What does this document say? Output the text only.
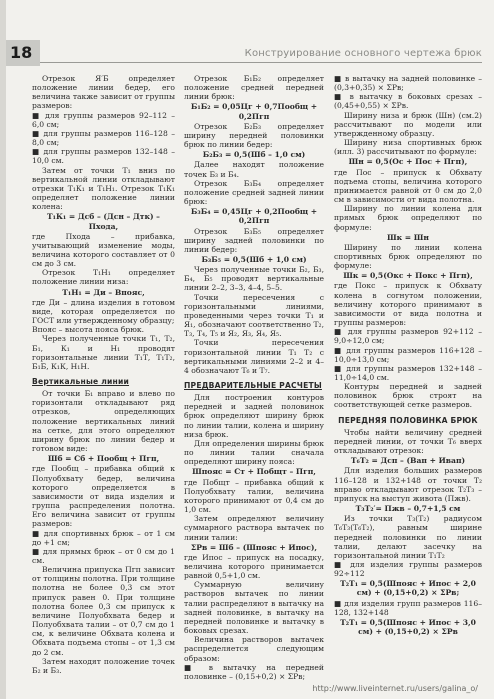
18	Конструирование основного чертежа брюк

Отрезок Я′Б определяет положение линии бедер, его величина также зависит от группы размеров:

■ для группы размеров 92–112 – 6,0 см;

■ для группы размеров 116–128 – 8,0 см;

■ для группы размеров 132–148 – 10,0 см.

Затем от точки Т₁ вниз по вертикальной линии откладывают отрезки Т₁К₁ и Т₁Н₁. Отрезок Т₁К₁ определяет положение линии колена:

Т₁К₁ = Дсб – (Дсн – Дтк) – Пхода,

где Пхода – прибавка, учитывающий изменение моды, величина которого составляет от 0 см до 3 см.

Отрезок Т₁Н₁ определяет положение линии низа:

Т₁Н₁ = Ди – Впояс,

где Ди – длина изделия в готовом виде, которая определяется по ГОСТ или утвержденному образцу;

Впояс – высота пояса брюк.

Через полученные точки Т₁, Т₂, Б₁, К₁ и Н₁ проводят горизонтальные линии Т₁Т, Т₁Т₂, Б₁Б, К₁К, Н₁Н.

Вертикальные линии

От точки Б₁ вправо и влево по горизонтали откладывают ряд отрезков, определяющих положение вертикальных линий на сетке, для этого определяют ширину брюк по линии бедер и готовом виде:

Шб = Сб + Пообщ + Пгп,

где Пообщ – прибавка общий к Полуобхвату бедер, величина которого определяется в зависимости от вида изделия и группа распределения полотна. Его величина зависит от группы размеров:

■ для спортивных брюк – от 1 см до +1 см;

■ для прямых брюк – от 0 см до 1 см.

Величина припуска Пгп зависит от толщины полотна. При толщине полотна не более 0,3 см этот припуск равен 0. При толщине полотна более 0,3 см припуск к величине Полуобхвата бедер и Полуобхвата талии – от 0,7 см до 1 см, к величине Обхвата колена и Обхвата подъема стопы – от 1,3 см до 2 см.

Затем находят положение точек Б₂ и Б₃.

Отрезок Б₁Б₂ определяет положение средней передней линии брюк:

Б₁Б₂ = 0,05Цг + 0,7Пообщ + 0,2Пгп

Отрезок Б₂Б₃ определяет ширину передней половинки брюк по линии бедер:

Б₂Б₃ = 0,5(Шб – 1,0 см)

Далее находят положение точек Б₃ и Б₄.

Отрезок Б₃Б₄ определяет положение средней задней линии брюк:

Б₃Б₄ = 0,45Цг + 0,2Пообщ + 0,2Пгп

Отрезок Б₃Б₅ определяет ширину задней половинки по линии бедер:

Б₃Б₅ = 0,5(Шб + 1,0 см)

Через полученные точки Б₂, Б₃, Б₄, Б₅ проводят вертикальные линии 2–2, 3–3, 4–4, 5–5.

Точки пересечения с горизонтальными линиями, проведенными через точки Т₁ и Я₁, обозначают соответственно Т₂, Т₃, Т₄, Т₅ и Я₂, Я₃, Я₄, Я₅.

Точки пересечения горизонтальной линии Т₁ Т₂ с вертикальными линиями 2–2 и 4–4 обозначают Т₆ и Т₇.

ПРЕДВАРИТЕЛЬНЫЕ РАСЧЕТЫ

Для построения контуров передней и задней половинок брюк определяют ширину брюк по линии талии, колена и ширину низа брюк.

Для определения ширины брюк по линии талии сначала определяют ширину пояса:

Шпояс = Ст + Побщт – Пгп,

где Побщт – прибавка общий к Полуобхвату талии, величина которого принимают от 0,4 см до 1,0 см.

Затем определяют величину суммарного раствора вытачек по линии талии:

ΣРв = Шб – (Шпояс + Ипос),

где Ипос – припуск на посадку, величина которого принимается равной 0,5+1,0 см.

Суммарную величину растворов вытачек по линии талии распределяют в вытачку на задней половинке, в вытачку на передней половинке и вытачку в боковых срезах.

Величина растворов вытачек распределяется следующим образом:

■ в вытачку на передней половинке – (0,15+0,2) × ΣРв;

■ в вытачку на задней половинке – (0,3+0,35) × ΣРв;

■ в вытачку в боковых срезах – (0,45+0,55) × ΣРв.

Ширину низа и брюк (Шн) (см.2) рассчитывают по модели или утвержденному образцу.

Ширину низа спортивных брюк (илл. 3) рассчитывают по формуле:

Шн = 0,5(Ос + Пос + Пгп),

где Пос – припуск к Обхвату подъема стопы, величина которого принимается равной от 0 см до 2,0 см в зависимости от вида полотна.

Ширину по линии колена для прямых брюк определяют по формуле:

Шк = Шн

Ширину по линии колена спортивных брюк определяют по формуле:

Шк = 0,5(Окс + Покс + Пгп),

где Покс – припуск к Обхвату колена в согнутом положении, величину которого принимают в зависимости от вида полотна и группы размеров:

■ для группы размеров 92+112 – 9,0÷12,0 см;

■ для группы размеров 116+128 – 10,0÷13,0 см;

■ для группы размеров 132+148 – 11,0÷14,0 см.

Контуры передней и задней половинок брюк строят на соответствующей сетке размеров.

ПЕРЕДНЯЯ ПОЛОВИНКА БРЮК

Чтобы найти величину средней передней линии, от точки Т₆ вверх откладывают отрезок:

Т₆Т₂ = Дсп – (Вап + Ивап)

Для изделия больших размеров 116–128 и 132+148 от точки Т₂ вправо откладывают отрезок Т₂Т₃ – припуск на выступ живота (Пжв).

Т₃Т₂′= Пжв – 0,7+1,5 см

Из точки Т₃(Т₂) радиусом Т₆Т₃(Т₆Т₂), равным ширине передней половинки по линии талии, делают засечку на горизонтальной линии Т₁Т₂

■ для изделия группы размеров 92÷112

Т₂Т₁ = 0,5(Шпояс + Ипос + 2,0 см) + (0,15+0,2) × ΣРв;

■ для изделия групп размеров 116–128, 132+148

Т₂Т₁ = 0,5(Шпояс + Ипос + 3,0 см) + (0,15+0,2) × ΣРв

http://www.liveinternet.ru/users/galina_o/
